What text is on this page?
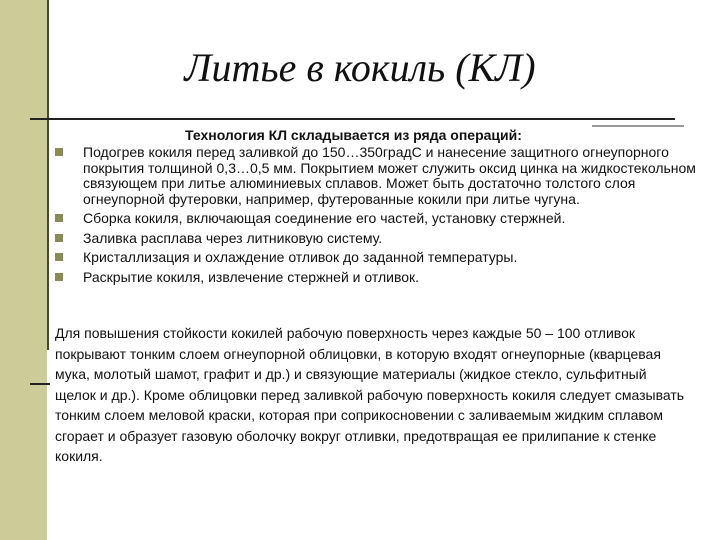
Литье в кокиль (КЛ)
Технология КЛ складывается из ряда операций:
Подогрев кокиля перед заливкой до 150…350градС и нанесение защитного огнеупорного покрытия толщиной 0,3…0,5 мм. Покрытием может служить оксид цинка на жидкостекольном связующем при литье алюминиевых сплавов. Может быть достаточно толстого слоя огнеупорной футеровки, например, футерованные кокили при литье чугуна.
Сборка кокиля, включающая соединение его частей, установку стержней.
Заливка расплава через литниковую систему.
Кристаллизация и охлаждение отливок до заданной температуры.
Раскрытие кокиля, извлечение стержней и отливок.
Для повышения стойкости кокилей рабочую поверхность через каждые 50 – 100 отливок покрывают тонким слоем огнеупорной облицовки, в которую входят огнеупорные (кварцевая мука, молотый шамот, графит и др.) и связующие материалы (жидкое стекло, сульфитный щелок и др.). Кроме облицовки перед заливкой рабочую поверхность кокиля следует смазывать тонким слоем меловой краски, которая при соприкосновении с заливаемым жидким сплавом сгорает и образует газовую оболочку вокруг отливки, предотвращая ее прилипание к стенке кокиля.
